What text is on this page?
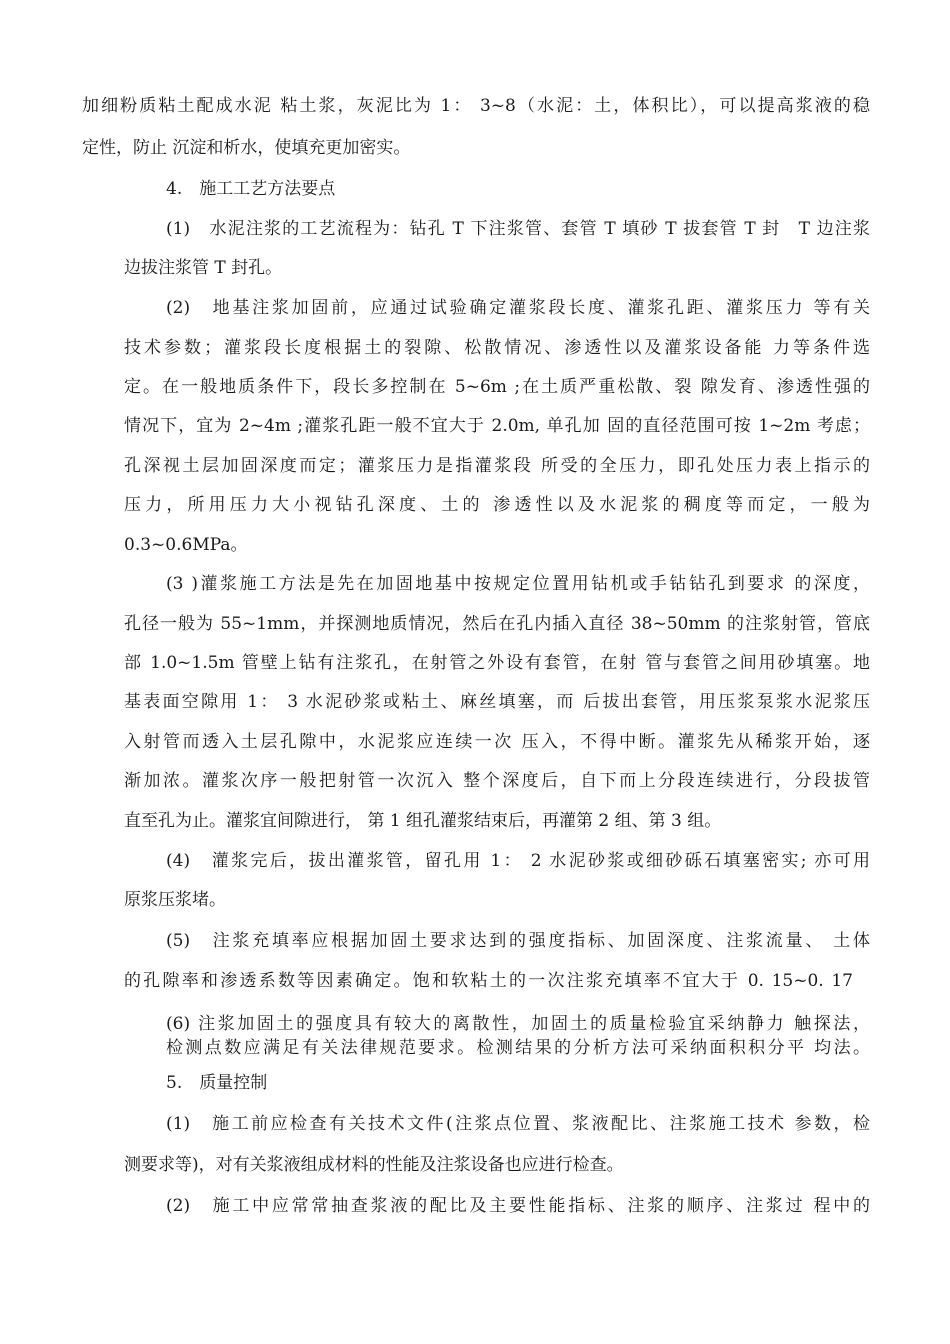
加细粉质粘土配成水泥 粘土浆，灰泥比为 1： 3~8（水泥：土，体积比），可以提高浆液的稳
定性，防止 沉淀和析水，使填充更加密实。
4.　施工工艺方法要点
(1)　水泥注浆的工艺流程为：钻孔 T 下注浆管、套管 T 填砂 T 拔套管 T 封　T 边注浆
边拔注浆管 T 封孔。
(2)　地基注浆加固前，应通过试验确定灌浆段长度、灌浆孔距、灌浆压力 等有关
技术参数；灌浆段长度根据土的裂隙、松散情况、渗透性以及灌浆设备能 力等条件选
定。在一般地质条件下，段长多控制在 5~6m ;在土质严重松散、裂 隙发育、渗透性强的
情况下，宜为 2~4m ;灌浆孔距一般不宜大于 2.0m, 单孔加 固的直径范围可按 1~2m 考虑；
孔深视土层加固深度而定；灌浆压力是指灌浆段 所受的全压力，即孔处压力表上指示的
压力，所用压力大小视钻孔深度、土的 渗透性以及水泥浆的稠度等而定，一般为
0.3~0.6MPa。
(3 )灌浆施工方法是先在加固地基中按规定位置用钻机或手钻钻孔到要求 的深度，
孔径一般为 55~1mm，并探测地质情况，然后在孔内插入直径 38~50mm 的注浆射管，管底
部 1.0~1.5m 管壁上钻有注浆孔，在射管之外设有套管，在射 管与套管之间用砂填塞。地
基表面空隙用 1： 3 水泥砂浆或粘土、麻丝填塞，而 后拔出套管，用压浆泵浆水泥浆压
入射管而透入土层孔隙中，水泥浆应连续一次 压入，不得中断。灌浆先从稀浆开始，逐
渐加浓。灌浆次序一般把射管一次沉入 整个深度后，自下而上分段连续进行，分段拔管
直至孔为止。灌浆宜间隙进行， 第 1 组孔灌浆结束后，再灌第 2 组、第 3 组。
(4)　灌浆完后，拔出灌浆管，留孔用 1： 2 水泥砂浆或细砂砾石填塞密实; 亦可用
原浆压浆堵。
(5)　注浆充填率应根据加固土要求达到的强度指标、加固深度、注浆流量、 土体
的孔隙率和渗透系数等因素确定。饱和软粘土的一次注浆充填率不宜大于 0. 15~0. 17
(6) 注浆加固土的强度具有较大的离散性，加固土的质量检验宜采纳静力 触探法，
检测点数应满足有关法律规范要求。检测结果的分析方法可采纳面积积分平 均法。
5.　质量控制
(1)　施工前应检查有关技术文件(注浆点位置、浆液配比、注浆施工技术 参数，检
测要求等)，对有关浆液组成材料的性能及注浆设备也应进行检查。
(2)　施工中应常常抽查浆液的配比及主要性能指标、注浆的顺序、注浆过 程中的
